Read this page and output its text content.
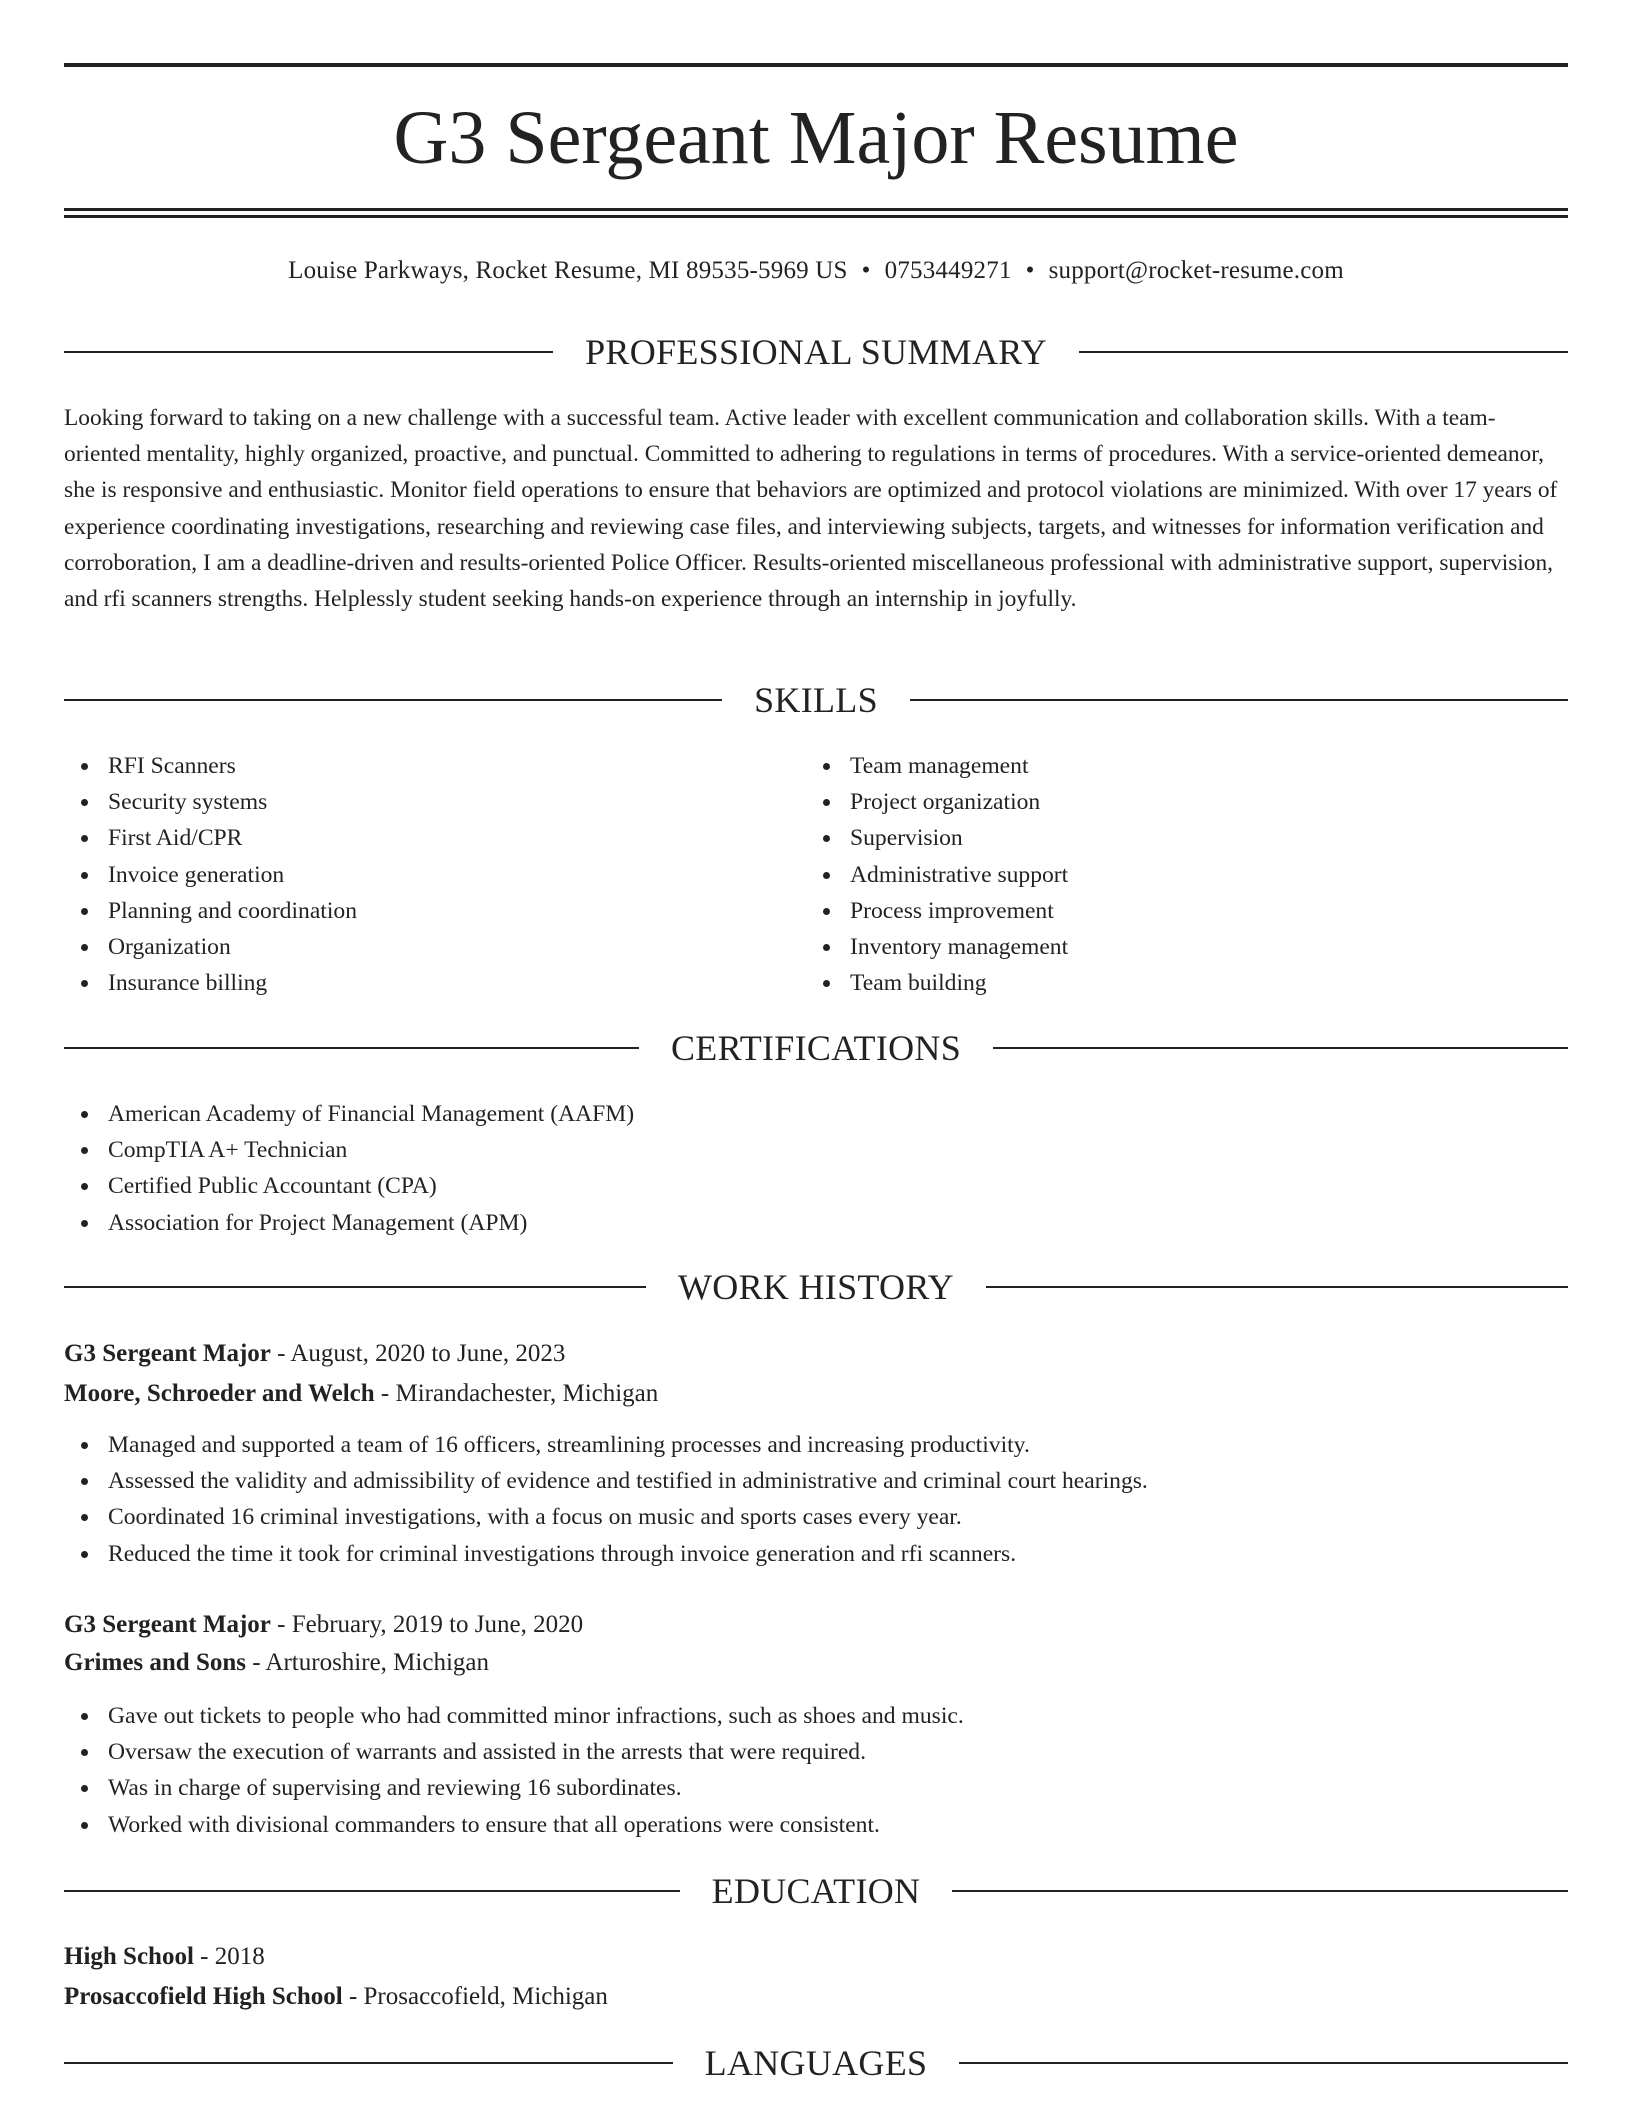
G3 Sergeant Major Resume
Louise Parkways, Rocket Resume, MI 89535-5969 US • 0753449271 • support@rocket-resume.com
PROFESSIONAL SUMMARY

Looking forward to taking on a new challenge with a successful team. Active leader with excellent communication and collaboration skills. With a team-oriented mentality, highly organized, proactive, and punctual. Committed to adhering to regulations in terms of procedures. With a service-oriented demeanor, she is responsive and enthusiastic. Monitor field operations to ensure that behaviors are optimized and protocol violations are minimized. With over 17 years of experience coordinating investigations, researching and reviewing case files, and interviewing subjects, targets, and witnesses for information verification and corroboration, I am a deadline-driven and results-oriented Police Officer. Results-oriented miscellaneous professional with administrative support, supervision, and rfi scanners strengths. Helplessly student seeking hands-on experience through an internship in joyfully.

SKILLS
RFI Scanners
Security systems
First Aid/CPR
Invoice generation
Planning and coordination
Organization
Insurance billing
Team management
Project organization
Supervision
Administrative support
Process improvement
Inventory management
Team building
CERTIFICATIONS
American Academy of Financial Management (AAFM)
CompTIA A+ Technician
Certified Public Accountant (CPA)
Association for Project Management (APM)
WORK HISTORY
G3 Sergeant Major - August, 2020 to June, 2023
Moore, Schroeder and Welch - Mirandachester, Michigan
Managed and supported a team of 16 officers, streamlining processes and increasing productivity.
Assessed the validity and admissibility of evidence and testified in administrative and criminal court hearings.
Coordinated 16 criminal investigations, with a focus on music and sports cases every year.
Reduced the time it took for criminal investigations through invoice generation and rfi scanners.
G3 Sergeant Major - February, 2019 to June, 2020
Grimes and Sons - Arturoshire, Michigan
Gave out tickets to people who had committed minor infractions, such as shoes and music.
Oversaw the execution of warrants and assisted in the arrests that were required.
Was in charge of supervising and reviewing 16 subordinates.
Worked with divisional commanders to ensure that all operations were consistent.
EDUCATION
High School - 2018
Prosaccofield High School - Prosaccofield, Michigan
LANGUAGES
